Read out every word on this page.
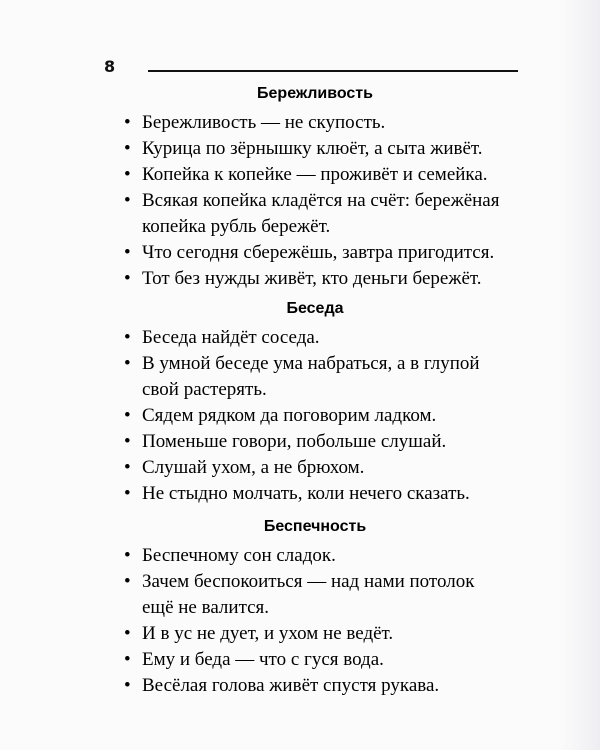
8
Бережливость
• Бережливость — не скупость.
• Курица по зёрнышку клюёт, а сыта живёт.
• Копейка к копейке — проживёт и семейка.
• Всякая копейка кладётся на счёт: бережёная
копейка рубль бережёт.
• Что сегодня сбережёшь, завтра пригодится.
• Тот без нужды живёт, кто деньги бережёт.
Беседа
• Беседа найдёт соседа.
• В умной беседе ума набраться, а в глупой
свой растерять.
• Сядем рядком да поговорим ладком.
• Поменьше говори, побольше слушай.
• Слушай ухом, а не брюхом.
• Не стыдно молчать, коли нечего сказать.
Беспечность
• Беспечному сон сладок.
• Зачем беспокоиться — над нами потолок
ещё не валится.
• И в ус не дует, и ухом не ведёт.
• Ему и беда — что с гуся вода.
• Весёлая голова живёт спустя рукава.
